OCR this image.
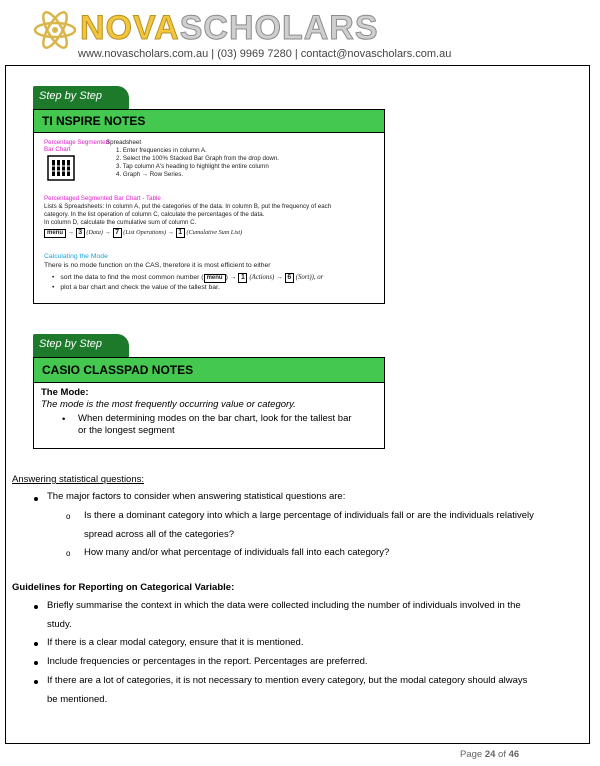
NOVASCHOLARS
www.novascholars.com.au | (03) 9969 7280 | contact@novascholars.com.au
Step by Step
TI NSPIRE NOTES
Percentage Segmented
Bar Chart
Spreadsheet
1. Enter frequencies in column A.
2. Select the 100% Stacked Bar Graph from the drop down.
3. Tap column A's heading to highlight the entire column
4. Graph → Row Series.
Percentaged Segmented Bar Chart - Table
Lists & Spreadsheets: In column A, put the categories of the data. In column B, put the frequency of each
category. In the list operation of column C, calculate the percentages of the data.
In column D, calculate the cumulative sum of column C.
menu → 3 (Data) → 7 (List Operations) → 1 (Cumulative Sum List)
Calculating the Mode
There is no mode function on the CAS, therefore it is most efficient to either
• sort the data to find the most common number ( menu ) → 1 (Actions) → 6 (Sort)), or
• plot a bar chart and check the value of the tallest bar.
Step by Step
CASIO CLASSPAD NOTES
The Mode:
The mode is the most frequently occurring value or category.
• When determining modes on the bar chart, look for the tallest bar
or the longest segment
Answering statistical questions:
The major factors to consider when answering statistical questions are:
o Is there a dominant category into which a large percentage of individuals fall or are the individuals relatively
spread across all of the categories?
o How many and/or what percentage of individuals fall into each category?
Guidelines for Reporting on Categorical Variable:
Briefly summarise the context in which the data were collected including the number of individuals involved in the
study.
If there is a clear modal category, ensure that it is mentioned.
Include frequencies or percentages in the report. Percentages are preferred.
If there are a lot of categories, it is not necessary to mention every category, but the modal category should always
be mentioned.
Page 24 of 46
